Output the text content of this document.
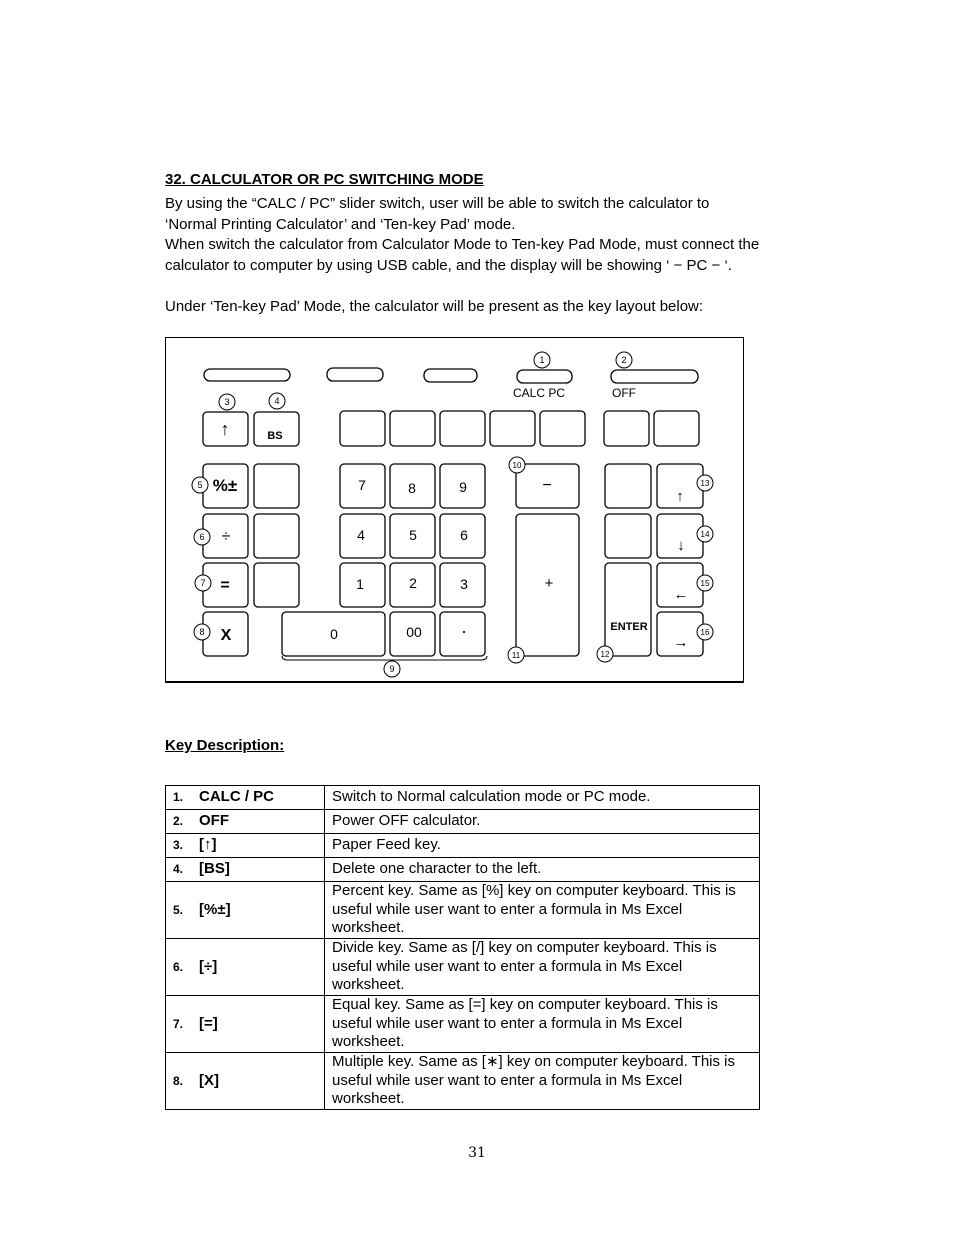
32. CALCULATOR OR PC SWITCHING MODE
By using the “CALC / PC” slider switch, user will be able to switch the calculator to
‘Normal Printing Calculator’ and ‘Ten-key Pad’ mode.
When switch the calculator from Calculator Mode to Ten-key Pad Mode, must connect the
calculator to computer by using USB cable, and the display will be showing ‘ − PC − ‘.
Under ‘Ten-key Pad’ Mode, the calculator will be present as the key layout below:
CALC PC	OFF
↑	BS
%±
÷
=
X
7	8	9
4	5	6
1	2	3
0	00 ·
−
+
ENTER
↑
↓
←
→
1	2
3	4
5
6
7
8
9
10
11	12
13
14
15
16
Key Description:
1. CALC / PC	Switch to Normal calculation mode or PC mode.
2. OFF	Power OFF calculator.
3. [↑]	Paper Feed key.
4. [BS]	Delete one character to the left.
5. [%±]	Percent key. Same as [%] key on computer keyboard. This is useful while user want to enter a formula in Ms Excel worksheet.
6. [÷]	Divide key. Same as [/] key on computer keyboard. This is useful while user want to enter a formula in Ms Excel worksheet.
7. [=]	Equal key. Same as [=] key on computer keyboard. This is useful while user want to enter a formula in Ms Excel worksheet.
8. [X]	Multiple key. Same as [∗] key on computer keyboard. This is useful while user want to enter a formula in Ms Excel worksheet.
31
